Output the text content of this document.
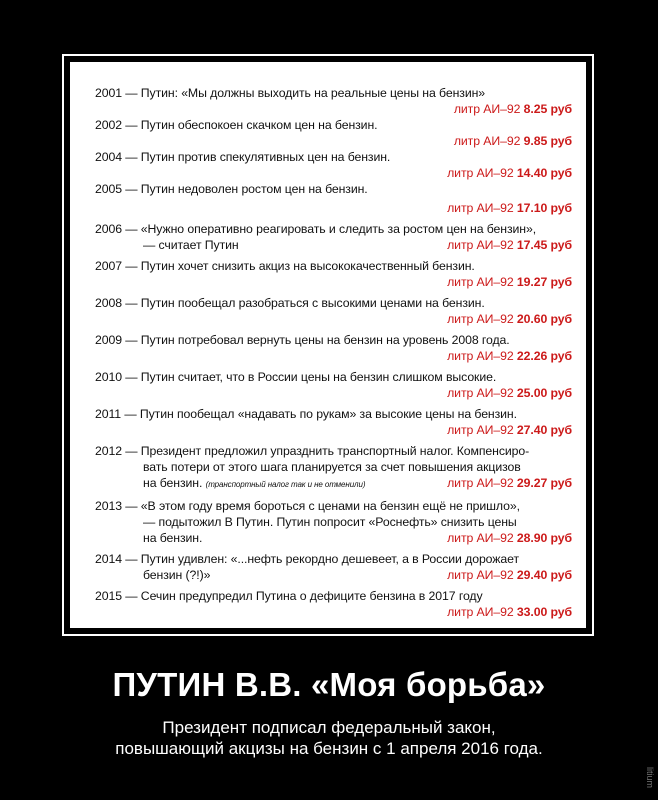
2001 — Путин: «Мы должны выходить на реальные цены на бензин»
литр АИ–92 8.25 руб
2002 — Путин обеспокоен скачком цен на бензин.
литр АИ–92 9.85 руб
2004 — Путин против спекулятивных цен на бензин.
литр АИ–92 14.40 руб
2005 — Путин недоволен ростом цен на бензин.
литр АИ–92 17.10 руб
2006 — «Нужно оперативно реагировать и следить за ростом цен на бензин»,
— считает Путин	литр АИ–92 17.45 руб
2007 — Путин хочет снизить акциз на высококачественный бензин.
литр АИ–92 19.27 руб
2008 — Путин пообещал разобраться с высокими ценами на бензин.
литр АИ–92 20.60 руб
2009 — Путин потребовал вернуть цены на бензин на уровень 2008 года.
литр АИ–92 22.26 руб
2010 — Путин считает, что в России цены на бензин слишком высокие.
литр АИ–92 25.00 руб
2011 — Путин пообещал «надавать по рукам» за высокие цены на бензин.
литр АИ–92 27.40 руб
2012 — Президент предложил упразднить транспортный налог. Компенсиро-
вать потери от этого шага планируется за счет повышения акцизов
на бензин. (транспортный налог так и не отменили)	литр АИ–92 29.27 руб
2013 — «В этом году время бороться с ценами на бензин ещё не пришло»,
— подытожил В Путин. Путин попросит «Роснефть» снизить цены
на бензин.	литр АИ–92 28.90 руб
2014 — Путин удивлен: «...нефть рекордно дешевеет, а в России дорожает
бензин (?!)»	литр АИ–92 29.40 руб
2015 — Сечин предупредил Путина о дефиците бензина в 2017 году
литр АИ–92 33.00 руб
ПУТИН В.В. «Моя борьба»
Президент подписал федеральный закон,
повышающий акцизы на бензин с 1 апреля 2016 года.
litium
